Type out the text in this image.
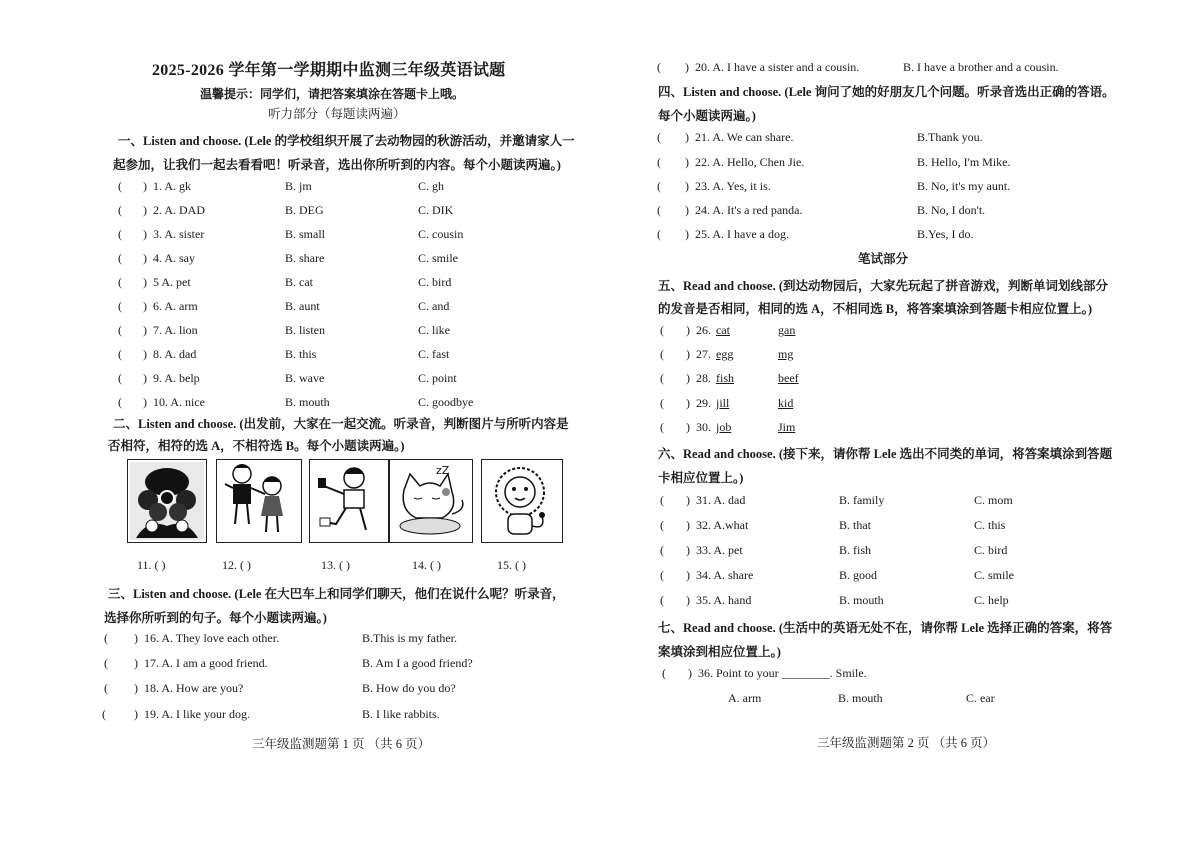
2025-2026 学年第一学期期中监测三年级英语试题
温馨提示：同学们，请把答案填涂在答题卡上哦。
听力部分（每题读两遍）
一、Listen and choose. (Lele 的学校组织开展了去动物园的秋游活动，并邀请家人一
起参加，让我们一起去看看吧！听录音，选出你所听到的内容。每个小题读两遍。)
( ) 1. A. gk	B. jm	C. gh
( ) 2. A. DAD	B. DEG	C. DIK
( ) 3. A. sister	B. small	C. cousin
( ) 4. A. say	B. share	C. smile
( ) 5 A. pet	B. cat	C. bird
( ) 6. A. arm	B. aunt	C. and
( ) 7. A. lion	B. listen	C. like
( ) 8. A. dad	B. this	C. fast
( ) 9. A. belp	B. wave	C. point
( ) 10. A. nice	B. mouth	C. goodbye
二、Listen and choose. (出发前，大家在一起交流。听录音，判断图片与所听内容是
否相符，相符的选 A，不相符选 B。每个小题读两遍。)
zZ
11. ( )	12. ( )	13. ( )	14. ( )	15. ( )
三、Listen and choose. (Lele 在大巴车上和同学们聊天，他们在说什么呢？听录音，
选择你所听到的句子。每个小题读两遍。)
( ) 16. A. They love each other.	B.This is my father.
( ) 17. A. I am a good friend.	B. Am I a good friend?
( ) 18. A. How are you?	B. How do you do?
( ) 19. A. I like your dog.	B. I like rabbits.
三年级监测题第 1 页 （共 6 页）
( ) 20. A. I have a sister and a cousin.	B. I have a brother and a cousin.
四、Listen and choose. (Lele 询问了她的好朋友几个问题。听录音选出正确的答语。
每个小题读两遍。)
( ) 21. A. We can share.	B.Thank you.
( ) 22. A. Hello, Chen Jie.	B. Hello, I'm Mike.
( ) 23. A. Yes, it is.	B. No, it's my aunt.
( ) 24. A. It's a red panda.	B. No, I don't.
( ) 25. A. I have a dog.	B.Yes, I do.
笔试部分
五、Read and choose. (到达动物园后，大家先玩起了拼音游戏，判断单词划线部分
的发音是否相同，相同的选 A，不相同选 B，将答案填涂到答题卡相应位置上。)
( ) 26. cat	gan
( ) 27. egg	mg
( ) 28. fish	beef
( ) 29. jill	kid
( ) 30. job	Jim
六、Read and choose. (接下来，请你帮 Lele 选出不同类的单词，将答案填涂到答题
卡相应位置上。)
( ) 31. A. dad	B. family	C. mom
( ) 32. A.what	B. that	C. this
( ) 33. A. pet	B. fish	C. bird
( ) 34. A. share	B. good	C. smile
( ) 35. A. hand	B. mouth	C. help
七、Read and choose. (生活中的英语无处不在，请你帮 Lele 选择正确的答案，将答
案填涂到相应位置上。)
( ) 36. Point to your ________. Smile.
A. arm	B. mouth	C. ear
三年级监测题第 2 页 （共 6 页）
